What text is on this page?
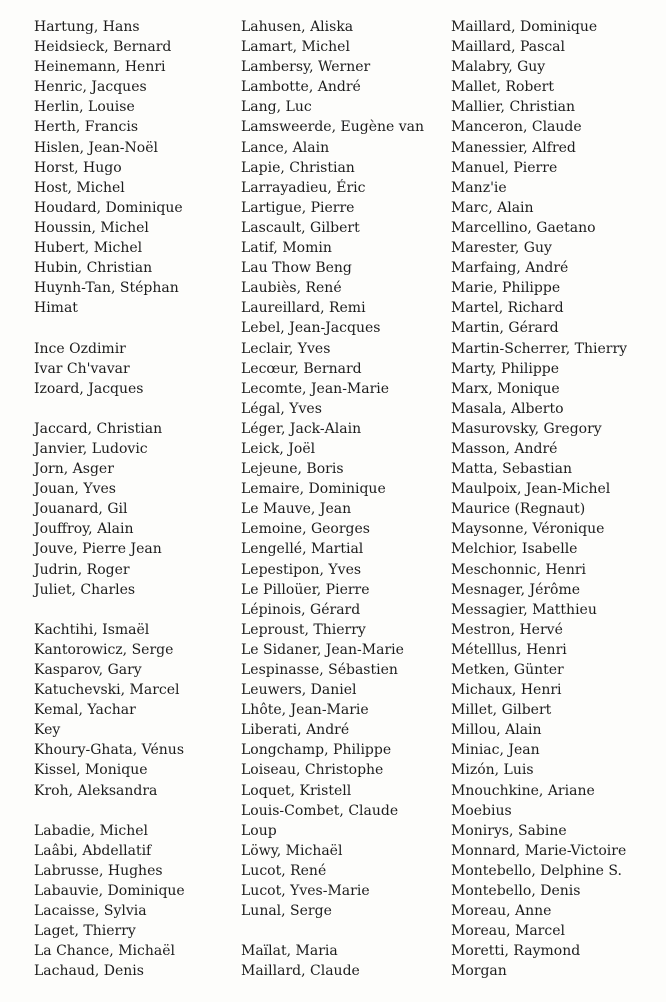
Hartung, Hans
Heidsieck, Bernard
Heinemann, Henri
Henric, Jacques
Herlin, Louise
Herth, Francis
Hislen, Jean-Noël
Horst, Hugo
Host, Michel
Houdard, Dominique
Houssin, Michel
Hubert, Michel
Hubin, Christian
Huynh-Tan, Stéphan
Himat
Ince Ozdimir
Ivar Ch'vavar
Izoard, Jacques
Jaccard, Christian
Janvier, Ludovic
Jorn, Asger
Jouan, Yves
Jouanard, Gil
Jouffroy, Alain
Jouve, Pierre Jean
Judrin, Roger
Juliet, Charles
Kachtihi, Ismaël
Kantorowicz, Serge
Kasparov, Gary
Katuchevski, Marcel
Kemal, Yachar
Key
Khoury-Ghata, Vénus
Kissel, Monique
Kroh, Aleksandra
Labadie, Michel
Laâbi, Abdellatif
Labrusse, Hughes
Labauvie, Dominique
Lacaisse, Sylvia
Laget, Thierry
La Chance, Michaël
Lachaud, Denis
Lahusen, Aliska
Lamart, Michel
Lambersy, Werner
Lambotte, André
Lang, Luc
Lamsweerde, Eugène van
Lance, Alain
Lapie, Christian
Larrayadieu, Éric
Lartigue, Pierre
Lascault, Gilbert
Latif, Momin
Lau Thow Beng
Laubiès, René
Laureillard, Remi
Lebel, Jean-Jacques
Leclair, Yves
Lecœur, Bernard
Lecomte, Jean-Marie
Légal, Yves
Léger, Jack-Alain
Leick, Joël
Lejeune, Boris
Lemaire, Dominique
Le Mauve, Jean
Lemoine, Georges
Lengellé, Martial
Lepestipon, Yves
Le Pilloüer, Pierre
Lépinois, Gérard
Leproust, Thierry
Le Sidaner, Jean-Marie
Lespinasse, Sébastien
Leuwers, Daniel
Lhôte, Jean-Marie
Liberati, André
Longchamp, Philippe
Loiseau, Christophe
Loquet, Kristell
Louis-Combet, Claude
Loup
Löwy, Michaël
Lucot, René
Lucot, Yves-Marie
Lunal, Serge
Maïlat, Maria
Maillard, Claude
Maillard, Dominique
Maillard, Pascal
Malabry, Guy
Mallet, Robert
Mallier, Christian
Manceron, Claude
Manessier, Alfred
Manuel, Pierre
Manz'ie
Marc, Alain
Marcellino, Gaetano
Marester, Guy
Marfaing, André
Marie, Philippe
Martel, Richard
Martin, Gérard
Martin-Scherrer, Thierry
Marty, Philippe
Marx, Monique
Masala, Alberto
Masurovsky, Gregory
Masson, André
Matta, Sebastian
Maulpoix, Jean-Michel
Maurice (Regnaut)
Maysonne, Véronique
Melchior, Isabelle
Meschonnic, Henri
Mesnager, Jérôme
Messagier, Matthieu
Mestron, Hervé
Mételllus, Henri
Metken, Günter
Michaux, Henri
Millet, Gilbert
Millou, Alain
Miniac, Jean
Mizón, Luis
Mnouchkine, Ariane
Moebius
Monirys, Sabine
Monnard, Marie-Victoire
Montebello, Delphine S.
Montebello, Denis
Moreau, Anne
Moreau, Marcel
Moretti, Raymond
Morgan
